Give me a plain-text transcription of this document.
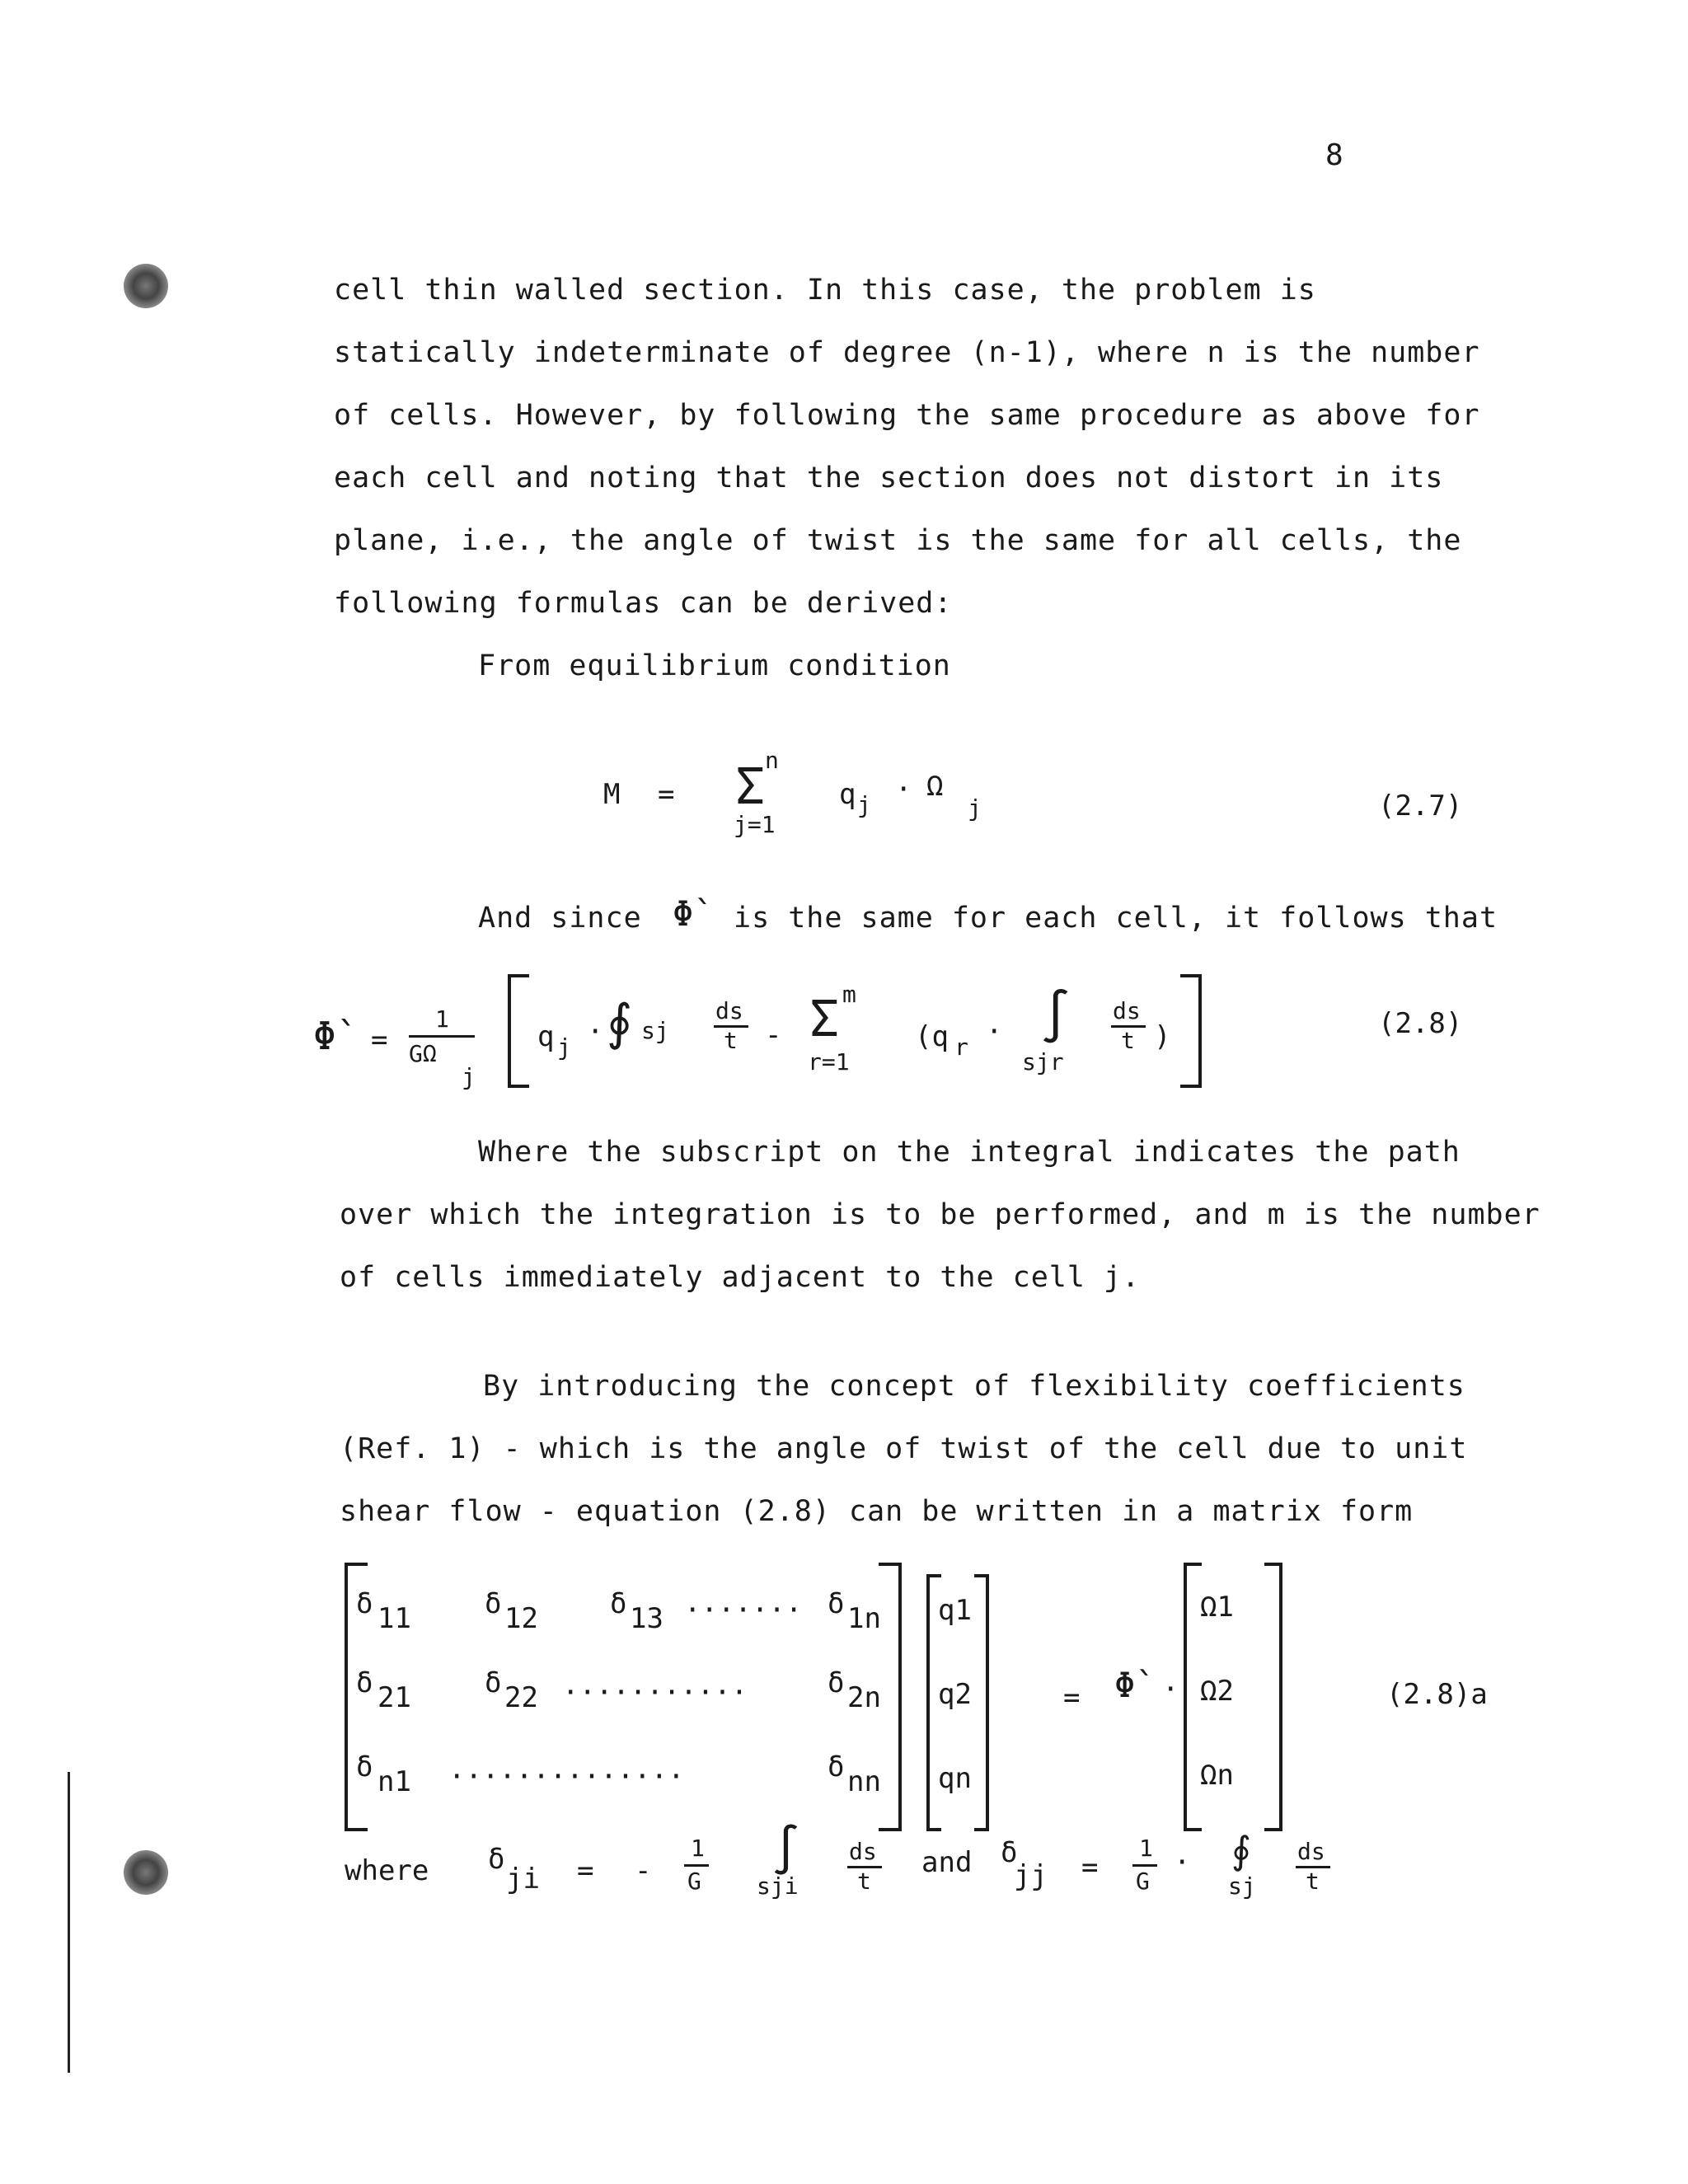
8
cell thin walled section. In this case, the problem is
statically indeterminate of degree (n-1), where n is the number
of cells. However, by following the same procedure as above for
each cell and noting that the section does not distort in its
plane, i.e., the angle of twist is the same for all cells, the
following formulas can be derived:
From equilibrium condition
M =
n
Σ
j=1
q j · Ω
j	(2.7)
And since Φ̀ is the same for each cell, it follows that
Φ̀ =
1
GΩ
j
q j · ∮ sj
ds
t -
m
Σ
r=1
(q r · ∫
sjr
ds
t )	(2.8)
Where the subscript on the integral indicates the path
over which the integration is to be performed, and m is the number
of cells immediately adjacent to the cell j.
By introducing the concept of flexibility coefficients
(Ref. 1) - which is the angle of twist of the cell due to unit
shear flow - equation (2.8) can be written in a matrix form
δ 11	δ 12	δ 13 ······· δ 1n
δ 21	δ 22 ···········	δ 2n
δ n1 ··············	δ nn
q1
q2
qn
= Φ̀ ·
Ω1
Ω2
Ωn
(2.8)a
where δ
ji = -
1
G
∫
sji
ds
t
and δ
jj =
1
G
· ∮
sj
ds
t
